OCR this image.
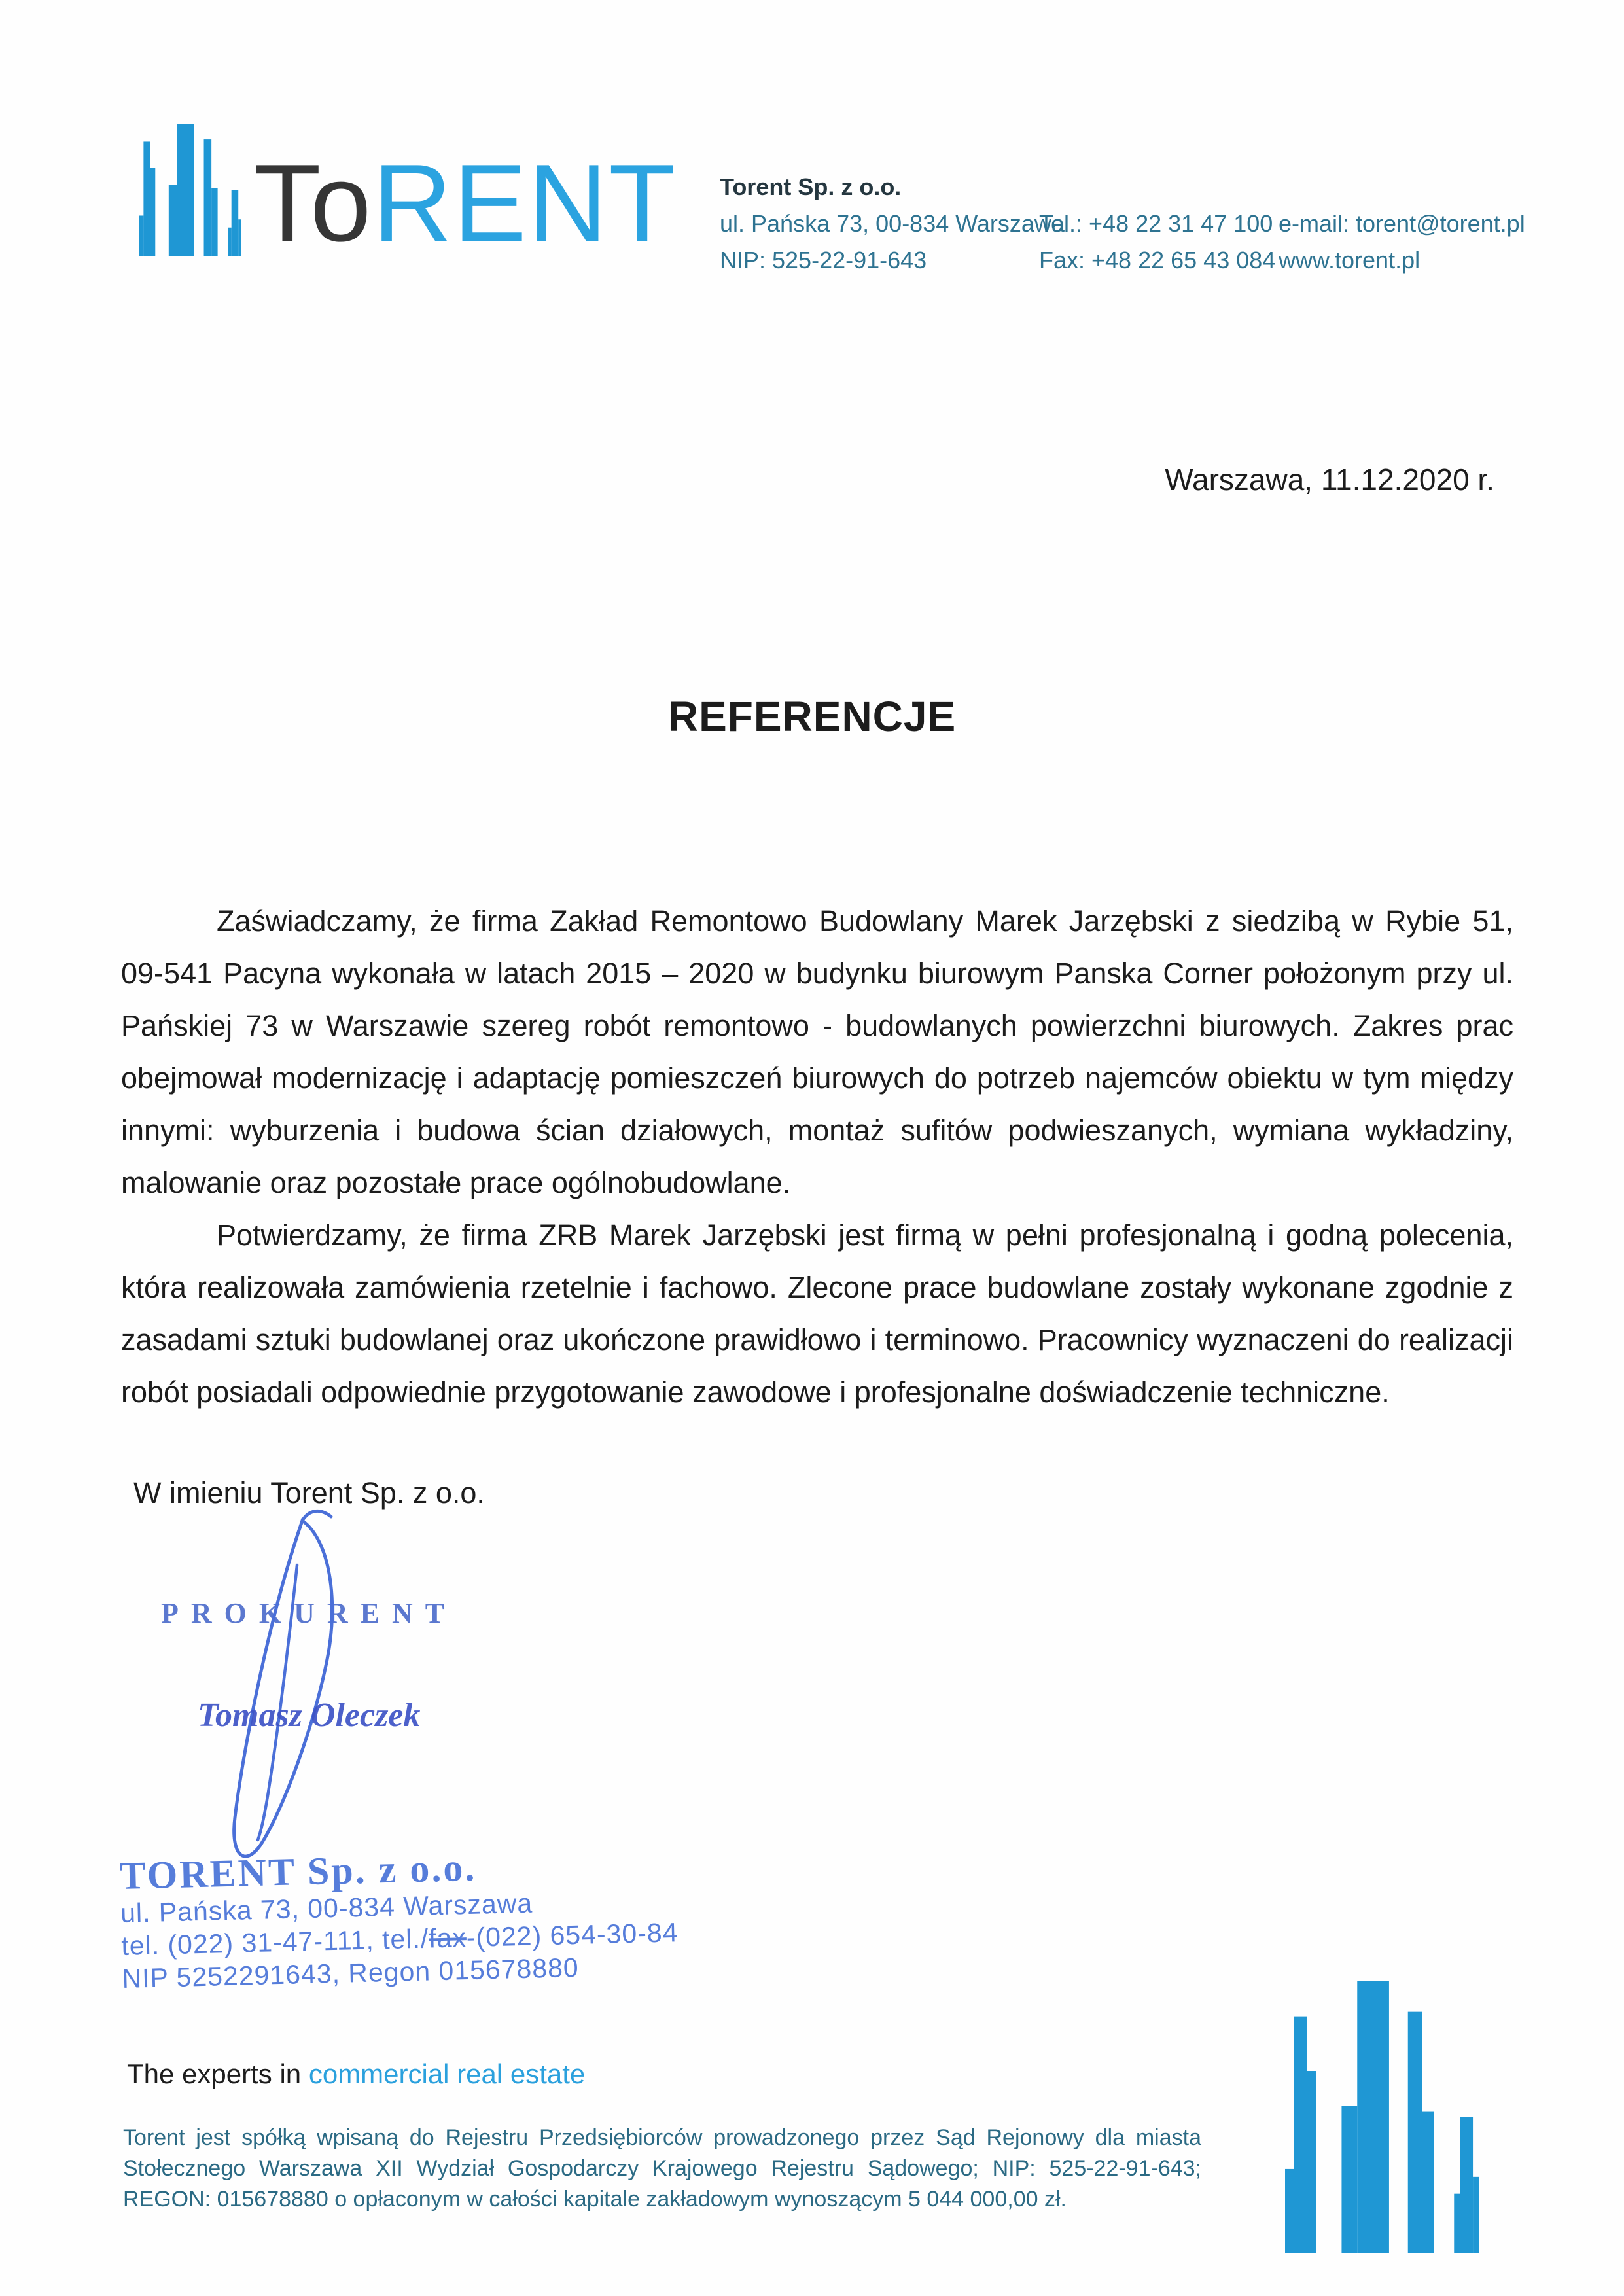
ToRENT Torent Sp. z o.o.
ul. Pańska 73, 00-834 Warszawa
NIP: 525-22-91-643
Tel.: +48 22 31 47 100
Fax: +48 22 65 43 084
e-mail: torent@torent.pl
www.torent.pl
Warszawa, 11.12.2020 r.
REFERENCJE

Zaświadczamy, że firma Zakład Remontowo Budowlany Marek Jarzębski z siedzibą w Rybie 51, 09-541 Pacyna wykonała w latach 2015 – 2020 w budynku biurowym Panska Corner położonym przy ul. Pańskiej 73 w Warszawie szereg robót remontowo - budowlanych powierzchni biurowych. Zakres prac obejmował modernizację i adaptację pomieszczeń biurowych do potrzeb najemców obiektu w tym między innymi: wyburzenia i budowa ścian działowych, montaż sufitów podwieszanych, wymiana wykładziny, malowanie oraz pozostałe prace ogólnobudowlane.

Potwierdzamy, że firma ZRB Marek Jarzębski jest firmą w pełni profesjonalną i godną polecenia, która realizowała zamówienia rzetelnie i fachowo. Zlecone prace budowlane zostały wykonane zgodnie z zasadami sztuki budowlanej oraz ukończone prawidłowo i terminowo. Pracownicy wyznaczeni do realizacji robót posiadali odpowiednie przygotowanie zawodowe i profesjonalne doświadczenie techniczne.

W imieniu Torent Sp. z o.o.
PROKURENT
Tomasz Oleczek
TORENT Sp. z o.o.
ul. Pańska 73, 00-834 Warszawa
tel. (022) 31-47-111, tel./fax-(022) 654-30-84
NIP 5252291643, Regon 015678880
The experts in commercial real estate
Torent jest spółką wpisaną do Rejestru Przedsiębiorców prowadzonego przez Sąd Rejonowy dla miasta Stołecznego Warszawa XII Wydział Gospodarczy Krajowego Rejestru Sądowego; NIP: 525-22-91-643; REGON: 015678880 o opłaconym w całości kapitale zakładowym wynoszącym 5 044 000,00 zł.
